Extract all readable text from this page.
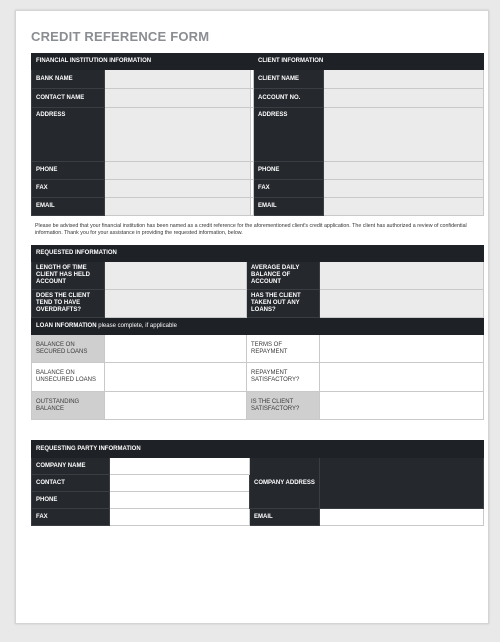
CREDIT REFERENCE FORM
FINANCIAL INSTITUTION INFORMATION			CLIENT INFORMATION	
BANK NAME			CLIENT NAME	
CONTACT NAME			ACCOUNT NO.	
ADDRESS			ADDRESS	
PHONE			PHONE	
FAX			FAX	
EMAIL			EMAIL	
Please be advised that your financial institution has been named as a credit reference for the aforementioned client's credit application. The client has authorized a review of confidential information. Thank you for your assistance in providing the requested information, below.
REQUESTED INFORMATION			
LENGTH OF TIME CLIENT HAS HELD ACCOUNT		AVERAGE DAILY BALANCE OF ACCOUNT	
DOES THE CLIENT TEND TO HAVE OVERDRAFTS?		HAS THE CLIENT TAKEN OUT ANY LOANS?	
LOAN INFORMATION please complete, if applicable			
BALANCE ON SECURED LOANS		TERMS OF REPAYMENT	
BALANCE ON UNSECURED LOANS		REPAYMENT SATISFACTORY?	
OUTSTANDING BALANCE		IS THE CLIENT SATISFACTORY?	
REQUESTING PARTY INFORMATION			
COMPANY NAME		COMPANY ADDRESS	
CONTACT			
PHONE			
FAX		EMAIL	
